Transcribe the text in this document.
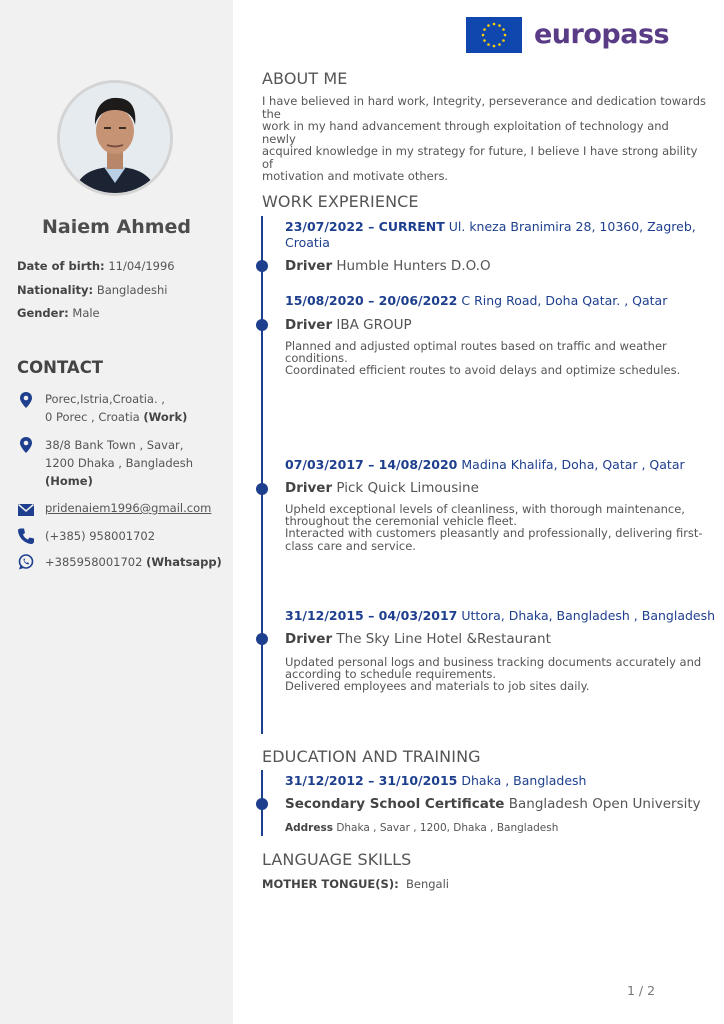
europass
Naiem Ahmed
Date of birth: 11/04/1996
Nationality: Bangladeshi
Gender: Male
CONTACT
Porec,Istria,Croatia. ,
0 Porec , Croatia (Work)
38/8 Bank Town , Savar,
1200 Dhaka , Bangladesh
(Home)
pridenaiem1996@gmail.com
(+385) 958001702
+385958001702 (Whatsapp)
ABOUT ME
I have believed in hard work, Integrity, perseverance and dedication towards
the
work in my hand advancement through exploitation of technology and
newly
acquired knowledge in my strategy for future, I believe I have strong ability
of
motivation and motivate others.
WORK EXPERIENCE
23/07/2022 – CURRENT Ul. kneza Branimira 28, 10360, Zagreb, Croatia
Driver Humble Hunters D.O.O
15/08/2020 – 20/06/2022 C Ring Road, Doha Qatar. , Qatar
Driver IBA GROUP
Planned and adjusted optimal routes based on traffic and weather
conditions.
Coordinated efficient routes to avoid delays and optimize schedules.
07/03/2017 – 14/08/2020 Madina Khalifa, Doha, Qatar , Qatar
Driver Pick Quick Limousine
Upheld exceptional levels of cleanliness, with thorough maintenance,
throughout the ceremonial vehicle fleet.
Interacted with customers pleasantly and professionally, delivering first-
class care and service.
31/12/2015 – 04/03/2017 Uttora, Dhaka, Bangladesh , Bangladesh
Driver The Sky Line Hotel &Restaurant
Updated personal logs and business tracking documents accurately and
according to schedule requirements.
Delivered employees and materials to job sites daily.
EDUCATION AND TRAINING
31/12/2012 – 31/10/2015 Dhaka , Bangladesh
Secondary School Certificate Bangladesh Open University
Address Dhaka , Savar , 1200, Dhaka , Bangladesh
LANGUAGE SKILLS
MOTHER TONGUE(S): Bengali
1 / 2
